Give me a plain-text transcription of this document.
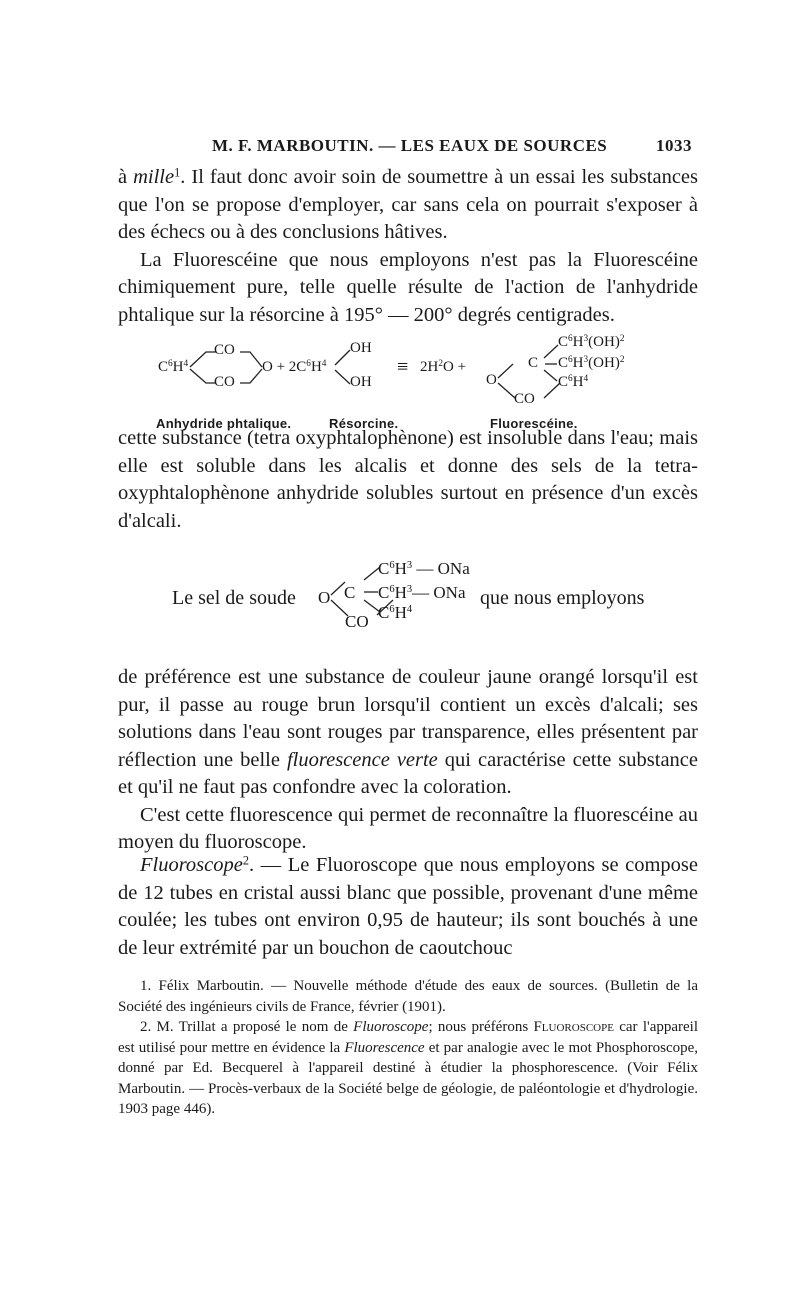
M. F. MARBOUTIN. — LES EAUX DE SOURCES	1033

à mille$^1$. Il faut donc avoir soin de soumettre à un essai les substances que l'on se propose d'employer, car sans cela on pourrait s'exposer à des échecs ou à des conclusions hâtives.

La Fluorescéine que nous employons n'est pas la Fluorescéine chimiquement pure, telle quelle résulte de l'action de l'anhydride phtalique sur la résorcine à 195° — 200° degrés centigrades.

$C^6H^4$
CO
CO
$O + 2C^6H^4$
OH
OH
≡ $2H^2O$ +
O
C
CO
$C^6H^3(OH)^2$
$C^6H^3(OH)^2$
$C^6H^4$
Anhydride phtalique.	Résorcine.	Fluorescéine.

cette substance (tetra oxyphtalophènone) est insoluble dans l'eau; mais elle est soluble dans les alcalis et donne des sels de la tetra-oxyphtalophènone anhydride solubles surtout en présence d'un excès d'alcali.

Le sel de soude O C
CO
$C^6H^3$ — ONa
$C^6H^3—$ ONa
$C^6H^4$
que nous employons

de préférence est une substance de couleur jaune orangé lorsqu'il est pur, il passe au rouge brun lorsqu'il contient un excès d'alcali; ses solutions dans l'eau sont rouges par transparence, elles présentent par réflection une belle fluorescence verte qui caractérise cette substance et qu'il ne faut pas confondre avec la coloration.

C'est cette fluorescence qui permet de reconnaître la fluorescéine au moyen du fluoroscope.

Fluoroscope$^2$. — Le Fluoroscope que nous employons se compose de 12 tubes en cristal aussi blanc que possible, provenant d'une même coulée; les tubes ont environ 0,95 de hauteur; ils sont bouchés à une de leur extrémité par un bouchon de caoutchouc

1. Félix Marboutin. — Nouvelle méthode d'étude des eaux de sources. (Bulletin de la Société des ingénieurs civils de France, février (1901).

2. M. Trillat a proposé le nom de Fluoroscope; nous préférons Fluoroscope car l'appareil est utilisé pour mettre en évidence la Fluorescence et par analogie avec le mot Phosphoroscope, donné par Ed. Becquerel à l'appareil destiné à étudier la phosphorescence. (Voir Félix Marboutin. — Procès-verbaux de la Société belge de géologie, de paléontologie et d'hydrologie. 1903 page 446).
